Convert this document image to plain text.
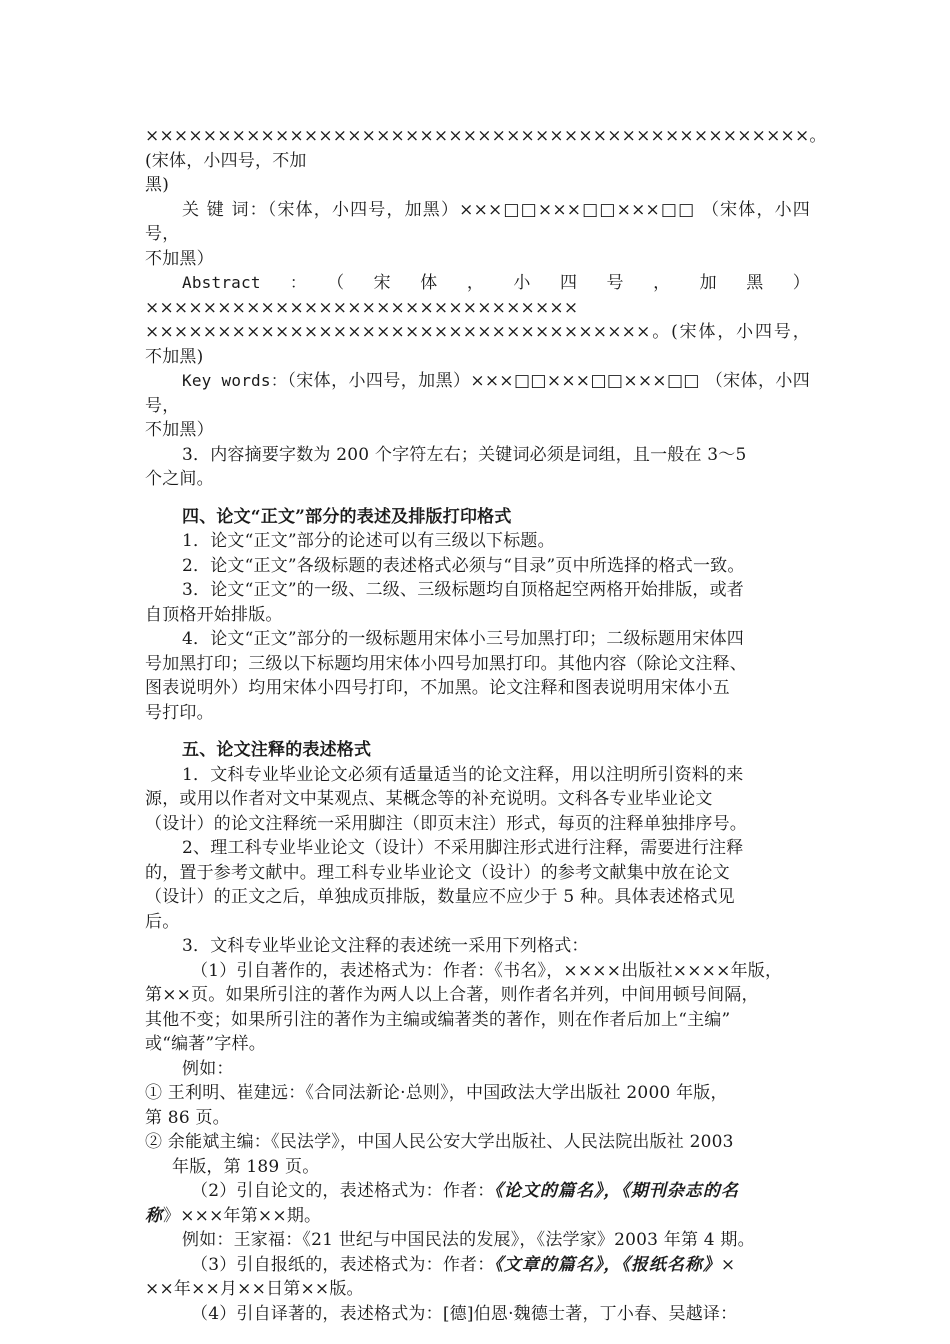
××××××××××××××××××××××××××××××××××××××××××××××。(宋体，小四号，不加

黑)

关 键 词：（宋体，小四号，加黑）×××□□×××□□×××□□ （宋体，小四号，

不加黑）

Abstract：（宋体，小四号，加黑）××××××××××××××××××××××××××××××

×××××××××××××××××××××××××××××××××××。(宋体，小四号，不加黑)

Key words：（宋体，小四号，加黑）×××□□×××□□×××□□ （宋体，小四号，

不加黑）

3．内容摘要字数为 200 个字符左右；关键词必须是词组，且一般在 3～5

个之间。

四、论文“正文”部分的表述及排版打印格式

1．论文“正文”部分的论述可以有三级以下标题。

2．论文“正文”各级标题的表述格式必须与“目录”页中所选择的格式一致。

3．论文“正文”的一级、二级、三级标题均自顶格起空两格开始排版，或者

自顶格开始排版。

4．论文“正文”部分的一级标题用宋体小三号加黑打印；二级标题用宋体四

号加黑打印；三级以下标题均用宋体小四号加黑打印。其他内容（除论文注释、

图表说明外）均用宋体小四号打印，不加黑。论文注释和图表说明用宋体小五

号打印。

五、论文注释的表述格式

1．文科专业毕业论文必须有适量适当的论文注释，用以注明所引资料的来

源，或用以作者对文中某观点、某概念等的补充说明。文科各专业毕业论文

（设计）的论文注释统一采用脚注（即页末注）形式，每页的注释单独排序号。

2、理工科专业毕业论文（设计）不采用脚注形式进行注释，需要进行注释

的，置于参考文献中。理工科专业毕业论文（设计）的参考文献集中放在论文

（设计）的正文之后，单独成页排版，数量应不应少于 5 种。具体表述格式见

后。

3．文科专业毕业论文注释的表述统一采用下列格式：

（1）引自著作的，表述格式为：作者：《书名》，××××出版社××××年版，

第××页。如果所引注的著作为两人以上合著，则作者名并列，中间用顿号间隔，

其他不变；如果所引注的著作为主编或编著类的著作，则在作者后加上“主编”

或“编著”字样。

例如：

① 王利明、崔建远：《合同法新论·总则》，中国政法大学出版社 2000 年版，

第 86 页。

② 余能斌主编：《民法学》，中国人民公安大学出版社、人民法院出版社 2003

年版，第 189 页。

（2）引自论文的，表述格式为：作者：《论文的篇名》，《期刊杂志的名

称》×××年第××期。

例如：王家福：《21 世纪与中国民法的发展》，《法学家》2003 年第 4 期。

（3）引自报纸的，表述格式为：作者：《文章的篇名》，《报纸名称》×

××年××月××日第××版。

（4）引自译著的，表述格式为：[德]伯恩·魏德士著，丁小春、吴越译：
